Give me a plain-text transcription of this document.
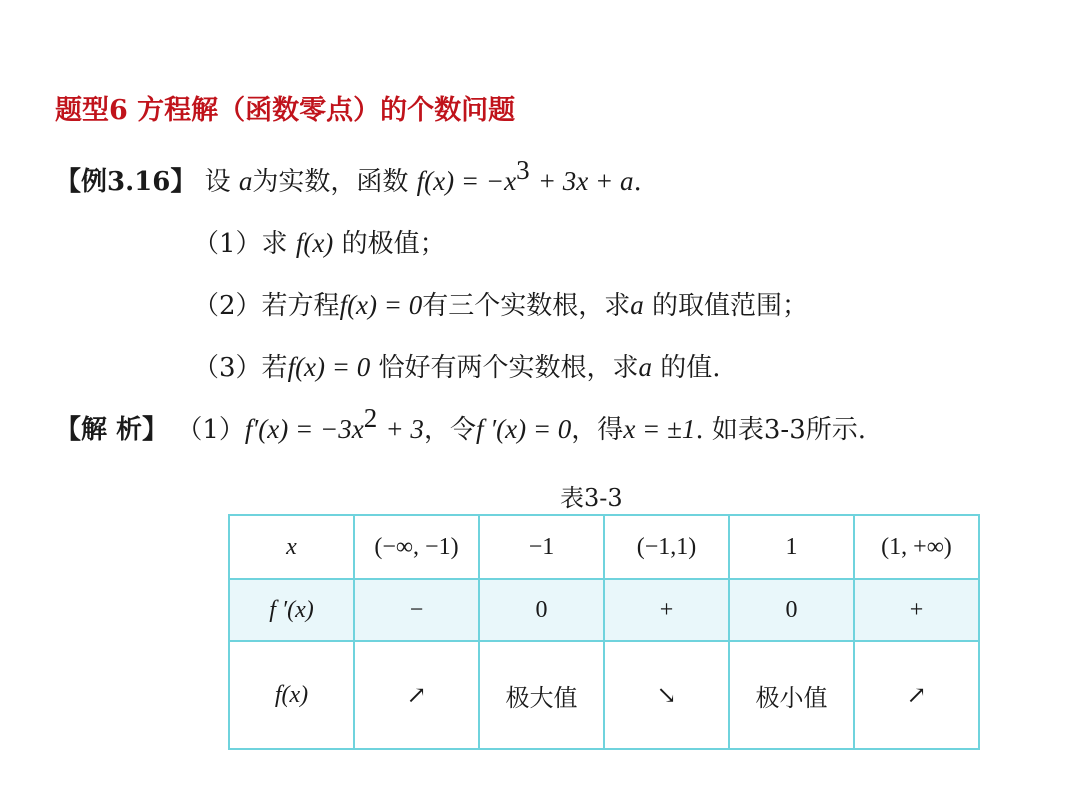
题型6 方程解（函数零点）的个数问题
【例3.16】 设 a为实数，函数 $f(x) = -x^3 + 3x + a$.
（1）求 f(x) 的极值；
（2）若方程f(x) = 0有三个实数根，求a 的取值范围；
（3）若f(x) = 0 恰好有两个实数根，求a 的值.
【解 析】 $(1)f'(x) = -3x^2 + 3$，令f ′(x) = 0，得x = ±1. 如表3-3所示.
表3-3
x	(−∞, −1)	−1	(−1,1)	1	(1, +∞)
f ′(x)	−	0	+	0	+
f(x)	↗	极大值	↘	极小值	↗
